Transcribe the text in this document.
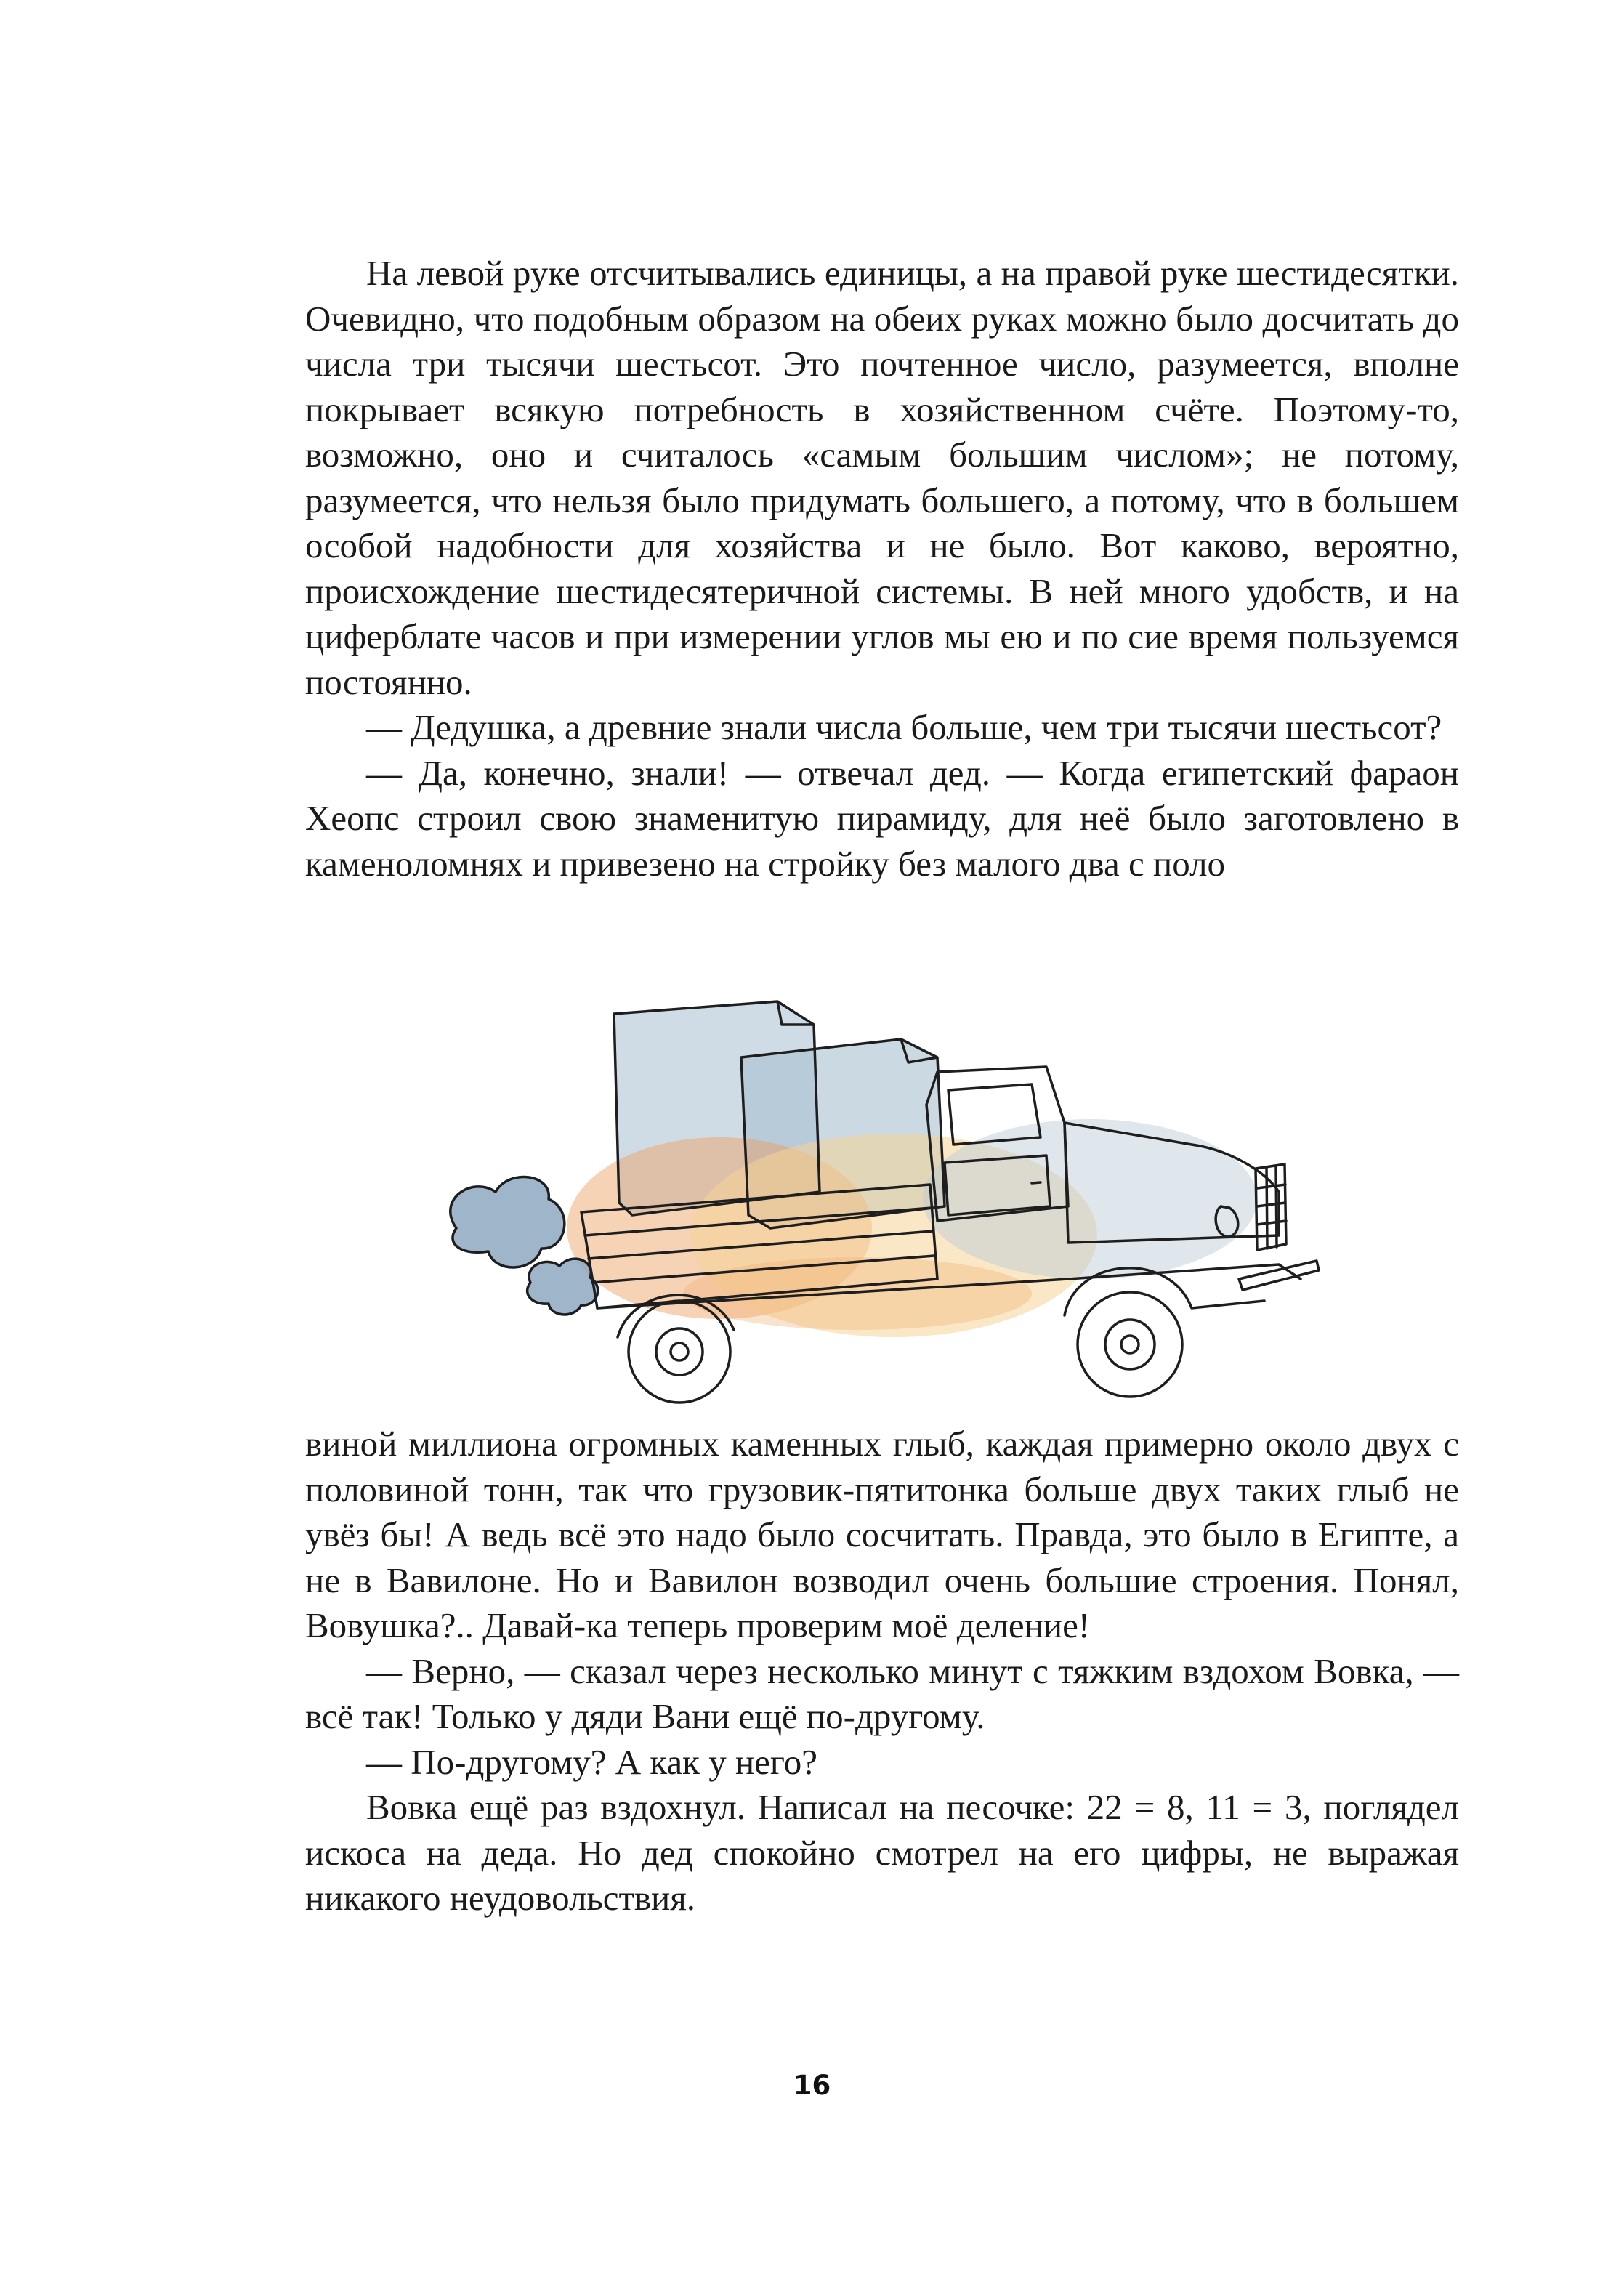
На левой руке отсчитывались единицы, а на правой руке шестидесятки. Очевидно, что подобным образом на обеих руках можно было досчитать до числа три тысячи шестьсот. Это почтенное число, разумеется, вполне покрывает всякую потребность в хозяйственном счёте. Поэтому-то, возможно, оно и считалось «самым большим числом»; не потому, разумеется, что нельзя было придумать большего, а потому, что в большем особой надобности для хозяйства и не было. Вот каково, вероятно, происхождение шестидесятеричной системы. В ней много удобств, и на циферблате часов и при измерении углов мы ею и по сие время пользуемся постоянно.

— Дедушка, а древние знали числа больше, чем три тысячи шестьсот?

— Да, конечно, знали! — отвечал дед. — Когда египетский фараон Хеопс строил свою знаменитую пирамиду, для неё было заготовлено в каменоломнях и привезено на стройку без малого два с поло

виной миллиона огромных каменных глыб, каждая примерно около двух с половиной тонн, так что грузовик-пятитонка больше двух таких глыб не увёз бы! А ведь всё это надо было сосчитать. Правда, это было в Египте, а не в Вавилоне. Но и Вавилон возводил очень большие строения. Понял, Вовушка?.. Давай-ка теперь проверим моё деление!

— Верно, — сказал через несколько минут с тяжким вздохом Вовка, — всё так! Только у дяди Вани ещё по-другому.

— По-другому? А как у него?

Вовка ещё раз вздохнул. Написал на песочке: 22 = 8, 11 = 3, поглядел искоса на деда. Но дед спокойно смотрел на его цифры, не выражая никакого неудовольствия.

16
